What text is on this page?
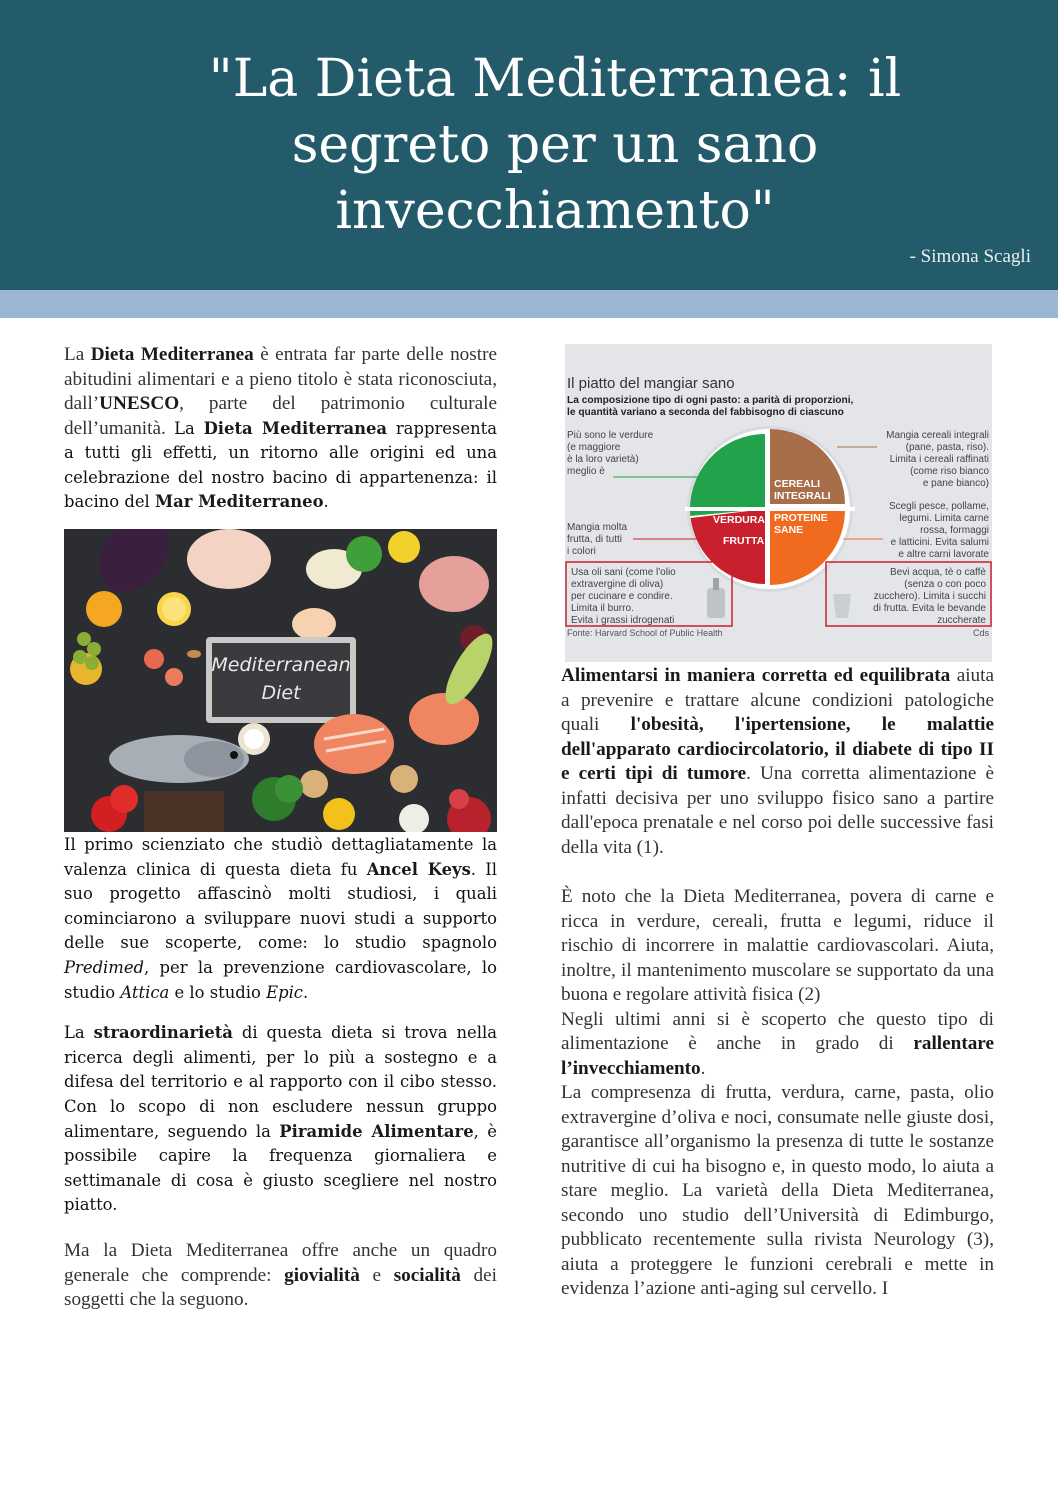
"La Dieta Mediterranea: il
segreto per un sano
invecchiamento"
- Simona Scagli

La Dieta Mediterranea è entrata far parte delle nostre abitudini alimentari e a pieno titolo è stata riconosciuta, dall’UNESCO, parte del patrimonio culturale dell’umanità. La Dieta Mediterranea rappresenta a tutti gli effetti, un ritorno alle origini ed una celebrazione del nostro bacino di appartenenza: il bacino del Mar Mediterraneo.

Mediterranean
Diet

Il primo scienziato che studiò dettagliatamente la valenza clinica di questa dieta fu Ancel Keys. Il suo progetto affascinò molti studiosi, i quali cominciarono a sviluppare nuovi studi a supporto delle sue scoperte, come: lo studio spagnolo Predimed, per la prevenzione cardiovascolare, lo studio Attica e lo studio Epic.

La straordinarietà di questa dieta si trova nella ricerca degli alimenti, per lo più a sostegno e a difesa del territorio e al rapporto con il cibo stesso. Con lo scopo di non escludere nessun gruppo alimentare, seguendo la Piramide Alimentare, è possibile capire la frequenza giornaliera e settimanale di cosa è giusto scegliere nel nostro piatto.

Ma la Dieta Mediterranea offre anche un quadro generale che comprende: giovialità e socialità dei soggetti che la seguono.

Il piatto del mangiar sano
La composizione tipo di ogni pasto: a parità di proporzioni,
le quantità variano a seconda del fabbisogno di ciascuno
VERDURA
FRUTTA
CEREALI
INTEGRALI
PROTEINE
SANE
Più sono le verdure
(e maggiore
è la loro varietà)
meglio è
Mangia molta
frutta, di tutti
i colori
Mangia cereali integrali
(pane, pasta, riso).
Limita i cereali raffinati
(come riso bianco
e pane bianco)
Scegli pesce, pollame,
legumi. Limita carne
rossa, formaggi
e latticini. Evita salumi
e altre carni lavorate
Usa oli sani (come l'olio
extravergine di oliva)
per cucinare e condire.
Limita il burro.
Evita i grassi idrogenati
Bevi acqua, tè o caffè
(senza o con poco
zucchero). Limita i succhi
di frutta. Evita le bevande
zuccherate
Fonte: Harvard School of Public Health	Cds

Alimentarsi in maniera corretta ed equilibrata aiuta a prevenire e trattare alcune condizioni patologiche quali l'obesità, l'ipertensione, le malattie dell'apparato cardiocircolatorio, il diabete di tipo II e certi tipi di tumore. Una corretta alimentazione è infatti decisiva per uno sviluppo fisico sano a partire dall'epoca prenatale e nel corso poi delle successive fasi della vita (1).

È noto che la Dieta Mediterranea, povera di carne e ricca in verdure, cereali, frutta e legumi, riduce il rischio di incorrere in malattie cardiovascolari. Aiuta, inoltre, il mantenimento muscolare se supportato da una buona e regolare attività fisica (2)

Negli ultimi anni si è scoperto che questo tipo di alimentazione è anche in grado di rallentare l’invecchiamento.

La compresenza di frutta, verdura, carne, pasta, olio extravergine d’oliva e noci, consumate nelle giuste dosi, garantisce all’organismo la presenza di tutte le sostanze nutritive di cui ha bisogno e, in questo modo, lo aiuta a stare meglio. La varietà della Dieta Mediterranea, secondo uno studio dell’Università di Edimburgo, pubblicato recentemente sulla rivista Neurology (3), aiuta a proteggere le funzioni cerebrali e mette in evidenza l’azione anti-aging sul cervello. I
